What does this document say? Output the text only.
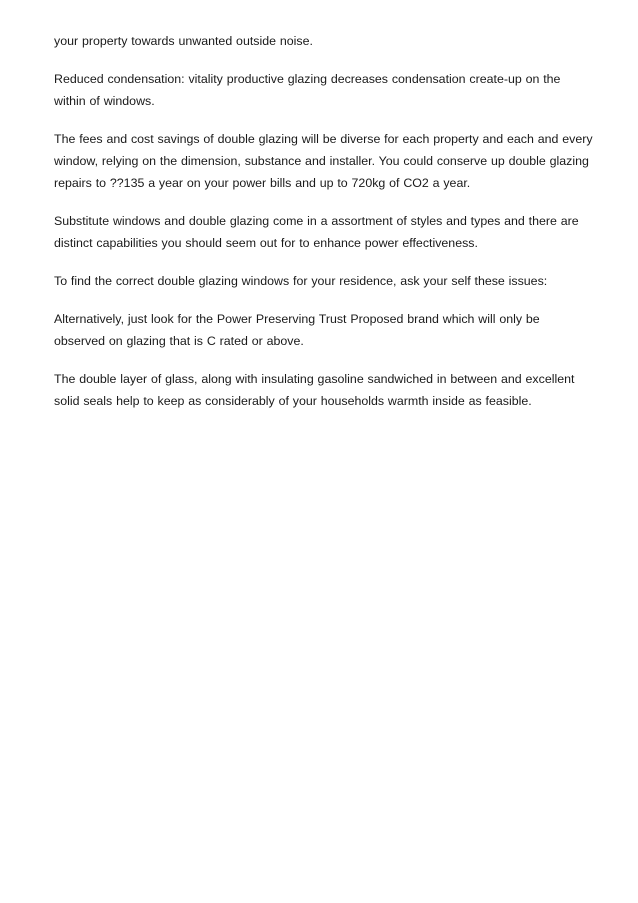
your property towards unwanted outside noise.

Reduced condensation: vitality productive glazing decreases condensation create-up on the within of windows.

The fees and cost savings of double glazing will be diverse for each property and each and every window, relying on the dimension, substance and installer. You could conserve up double glazing repairs to ??135 a year on your power bills and up to 720kg of CO2 a year.

Substitute windows and double glazing come in a assortment of styles and types and there are distinct capabilities you should seem out for to enhance power effectiveness.

To find the correct double glazing windows for your residence, ask your self these issues:

Alternatively, just look for the Power Preserving Trust Proposed brand which will only be observed on glazing that is C rated or above.

The double layer of glass, along with insulating gasoline sandwiched in between and excellent solid seals help to keep as considerably of your households warmth inside as feasible.
